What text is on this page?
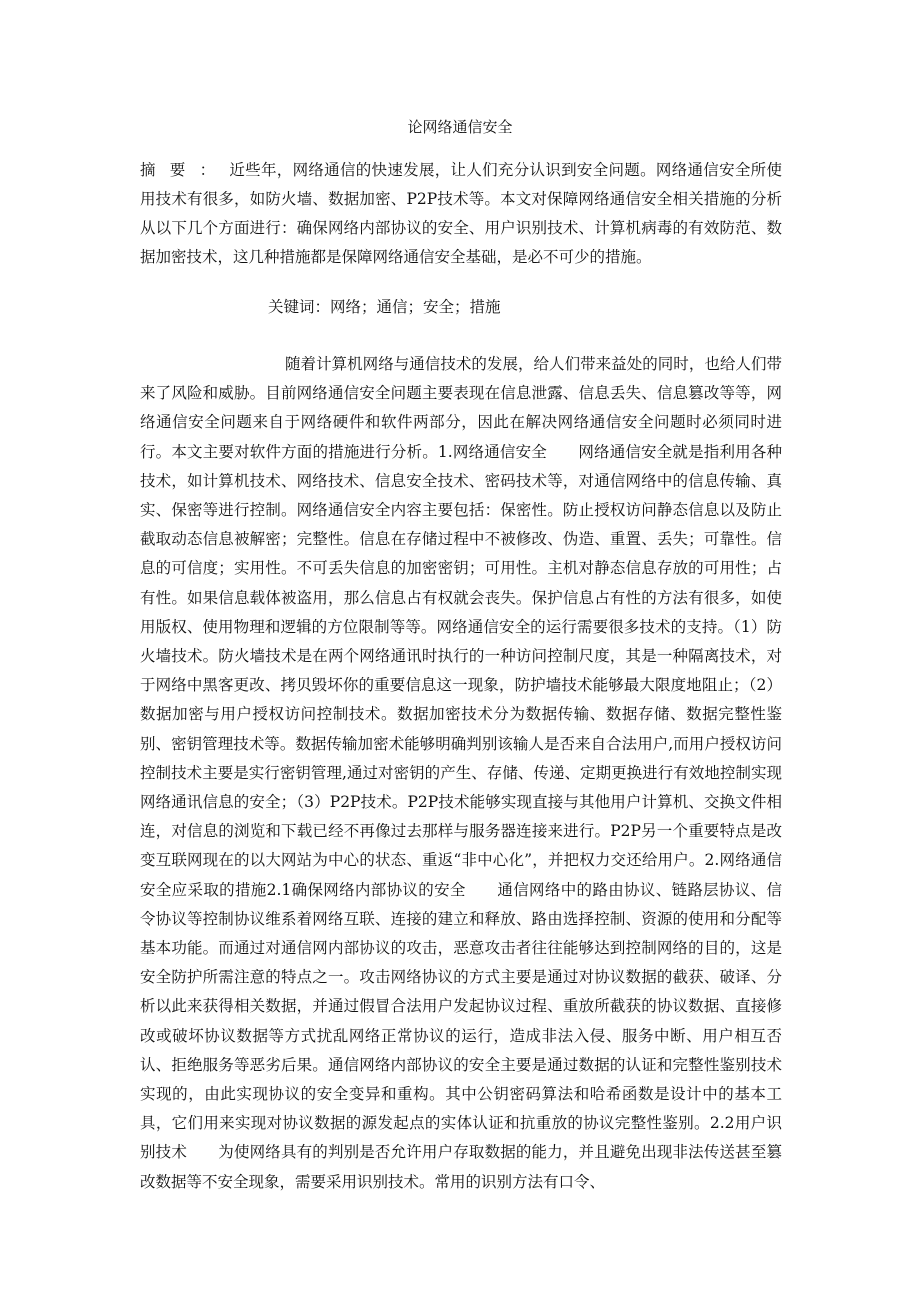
论网络通信安全
摘要：近些年，网络通信的快速发展，让人们充分认识到安全问题。网络通信安全所使用技术有很多，如防火墙、数据加密、P2P技术等。本文对保障网络通信安全相关措施的分析从以下几个方面进行：确保网络内部协议的安全、用户识别技术、计算机病毒的有效防范、数据加密技术，这几种措施都是保障网络通信安全基础，是必不可少的措施。
关键词：网络；通信；安全；措施
随着计算机网络与通信技术的发展，给人们带来益处的同时，也给人们带来了风险和威胁。目前网络通信安全问题主要表现在信息泄露、信息丢失、信息篡改等等，网络通信安全问题来自于网络硬件和软件两部分，因此在解决网络通信安全问题时必须同时进行。本文主要对软件方面的措施进行分析。1.网络通信安全　　网络通信安全就是指利用各种技术，如计算机技术、网络技术、信息安全技术、密码技术等，对通信网络中的信息传输、真实、保密等进行控制。网络通信安全内容主要包括：保密性。防止授权访问静态信息以及防止截取动态信息被解密；完整性。信息在存储过程中不被修改、伪造、重置、丢失；可靠性。信息的可信度；实用性。不可丢失信息的加密密钥；可用性。主机对静态信息存放的可用性；占有性。如果信息载体被盗用，那么信息占有权就会丧失。保护信息占有性的方法有很多，如使用版权、使用物理和逻辑的方位限制等等。网络通信安全的运行需要很多技术的支持。（1）防火墙技术。防火墙技术是在两个网络通讯时执行的一种访问控制尺度，其是一种隔离技术，对于网络中黑客更改、拷贝毁坏你的重要信息这一现象，防护墙技术能够最大限度地阻止；（2）数据加密与用户授权访问控制技术。数据加密技术分为数据传输、数据存储、数据完整性鉴别、密钥管理技术等。数据传输加密术能够明确判别该输人是否来自合法用户,而用户授权访问控制技术主要是实行密钥管理,通过对密钥的产生、存储、传递、定期更换进行有效地控制实现网络通讯信息的安全；（3）P2P技术。P2P技术能够实现直接与其他用户计算机、交换文件相连，对信息的浏览和下载已经不再像过去那样与服务器连接来进行。P2P另一个重要特点是改变互联网现在的以大网站为中心的状态、重返“非中心化”，并把权力交还给用户。2.网络通信安全应采取的措施2.1确保网络内部协议的安全　　通信网络中的路由协议、链路层协议、信令协议等控制协议维系着网络互联、连接的建立和释放、路由选择控制、资源的使用和分配等基本功能。而通过对通信网内部协议的攻击，恶意攻击者往往能够达到控制网络的目的，这是安全防护所需注意的特点之一。攻击网络协议的方式主要是通过对协议数据的截获、破译、分析以此来获得相关数据，并通过假冒合法用户发起协议过程、重放所截获的协议数据、直接修改或破坏协议数据等方式扰乱网络正常协议的运行，造成非法入侵、服务中断、用户相互否认、拒绝服务等恶劣后果。通信网络内部协议的安全主要是通过数据的认证和完整性鉴别技术实现的，由此实现协议的安全变异和重构。其中公钥密码算法和哈希函数是设计中的基本工具，它们用来实现对协议数据的源发起点的实体认证和抗重放的协议完整性鉴别。2.2用户识别技术　　为使网络具有的判别是否允许用户存取数据的能力，并且避免出现非法传送甚至篡改数据等不安全现象，需要采用识别技术。常用的识别方法有口令、
